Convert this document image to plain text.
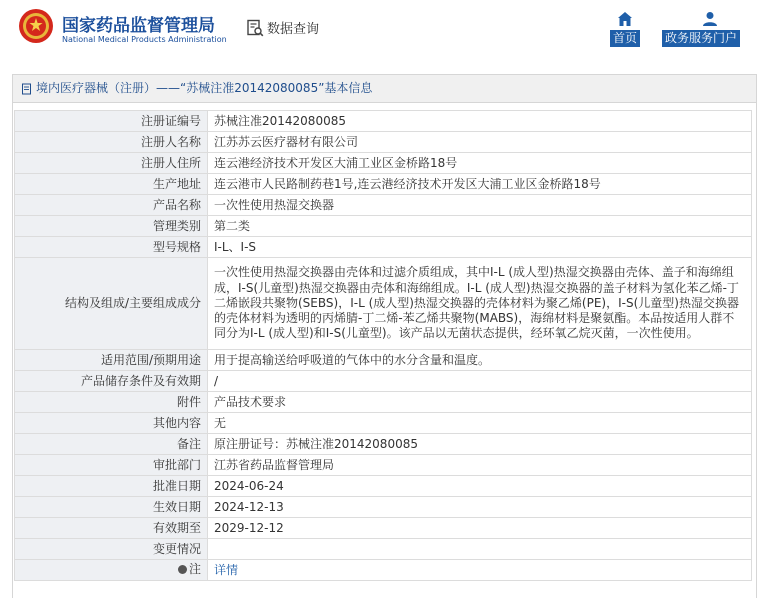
国家药品监督管理局
National Medical Products Administration
数据查询
首页 政务服务门户
境内医疗器械（注册）——“苏械注准20142080085”基本信息
注册证编号	苏械注准20142080085
注册人名称	江苏苏云医疗器材有限公司
注册人住所	连云港经济技术开发区大浦工业区金桥路18号
生产地址	连云港市人民路制药巷1号,连云港经济技术开发区大浦工业区金桥路18号
产品名称	一次性使用热湿交换器
管理类别	第二类
型号规格	I-L、I-S
结构及组成/主要组成成分	一次性使用热湿交换器由壳体和过滤介质组成，其中I-L (成人型)热湿交换器由壳体、盖子和海绵组成，I-S(儿童型)热湿交换器由壳体和海绵组成。I-L (成人型)热湿交换器的盖子材料为氢化苯乙烯-丁二烯嵌段共聚物(SEBS)，I-L (成人型)热湿交换器的壳体材料为聚乙烯(PE)，I-S(儿童型)热湿交换器的壳体材料为透明的丙烯腈-丁二烯-苯乙烯共聚物(MABS)，海绵材料是聚氨酯。本品按适用人群不同分为I-L (成人型)和I-S(儿童型)。该产品以无菌状态提供，经环氧乙烷灭菌，一次性使用。
适用范围/预期用途	用于提高输送给呼吸道的气体中的水分含量和温度。
产品储存条件及有效期	/
附件	产品技术要求
其他内容	无
备注	原注册证号：苏械注准20142080085
审批部门	江苏省药品监督管理局
批准日期	2024-06-24
生效日期	2024-12-13
有效期至	2029-12-12
变更情况	

注	详情
